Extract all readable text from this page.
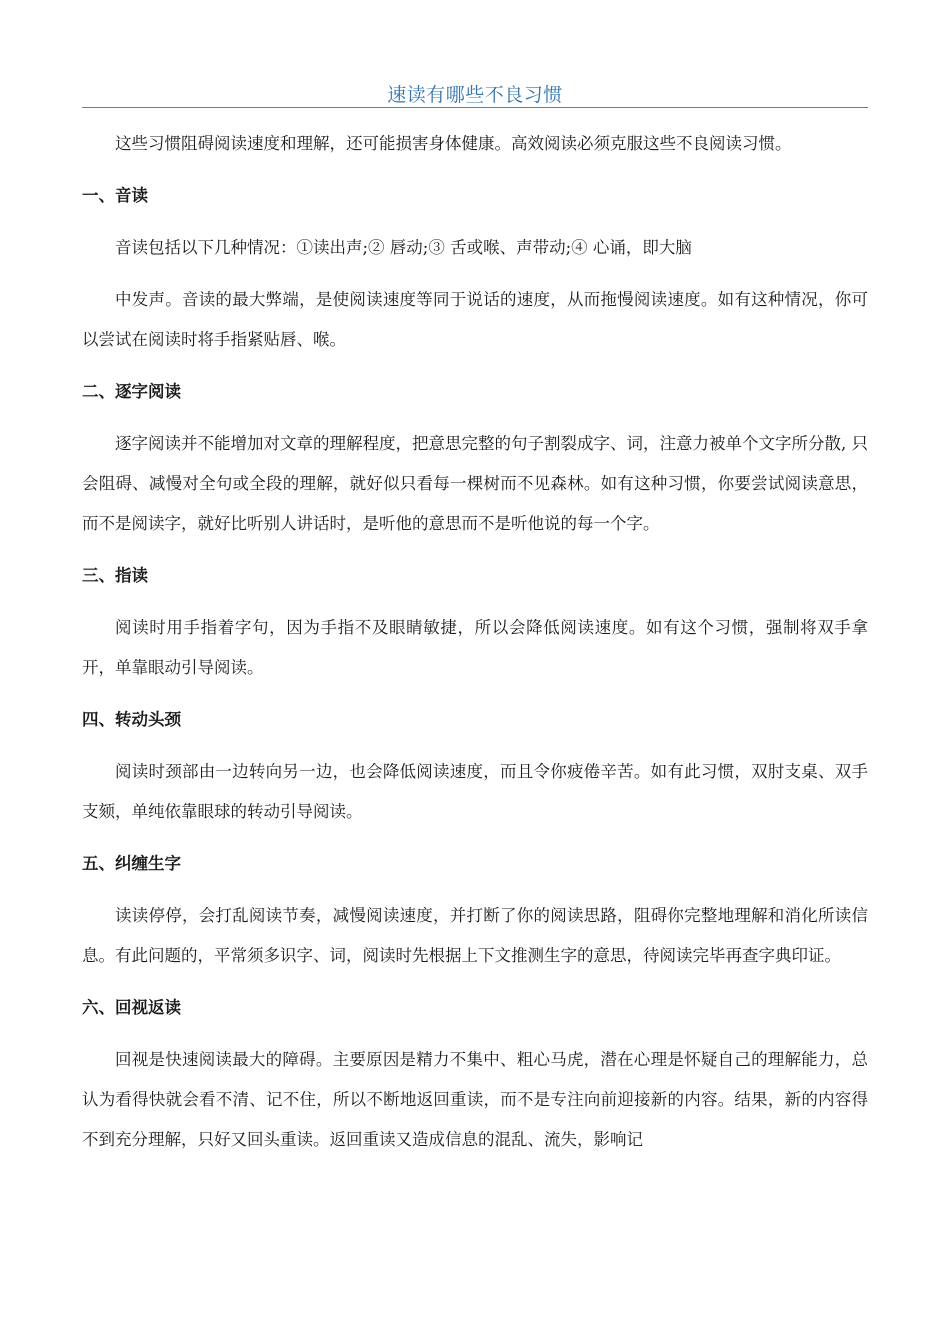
速读有哪些不良习惯

这些习惯阻碍阅读速度和理解，还可能损害身体健康。高效阅读必须克服这些不良阅读习惯。

一、音读

音读包括以下几种情况：①读出声;② 唇动;③ 舌或喉、声带动;④ 心诵，即大脑

中发声。音读的最大弊端，是使阅读速度等同于说话的速度，从而拖慢阅读速度。如有这种情况，你可以尝试在阅读时将手指紧贴唇、喉。

二、逐字阅读

逐字阅读并不能增加对文章的理解程度，把意思完整的句子割裂成字、词，注意力被单个文字所分散, 只会阻碍、减慢对全句或全段的理解，就好似只看每一棵树而不见森林。如有这种习惯，你要尝试阅读意思，而不是阅读字，就好比听别人讲话时，是听他的意思而不是听他说的每一个字。

三、指读

阅读时用手指着字句，因为手指不及眼睛敏捷，所以会降低阅读速度。如有这个习惯，强制将双手拿开，单靠眼动引导阅读。

四、转动头颈

阅读时颈部由一边转向另一边，也会降低阅读速度，而且令你疲倦辛苦。如有此习惯，双肘支桌、双手支颏，单纯依靠眼球的转动引导阅读。

五、纠缠生字

读读停停，会打乱阅读节奏，减慢阅读速度，并打断了你的阅读思路，阻碍你完整地理解和消化所读信息。有此问题的，平常须多识字、词，阅读时先根据上下文推测生字的意思，待阅读完毕再查字典印证。

六、回视返读

回视是快速阅读最大的障碍。主要原因是精力不集中、粗心马虎，潜在心理是怀疑自己的理解能力，总认为看得快就会看不清、记不住，所以不断地返回重读，而不是专注向前迎接新的内容。结果，新的内容得不到充分理解，只好又回头重读。返回重读又造成信息的混乱、流失，影响记
